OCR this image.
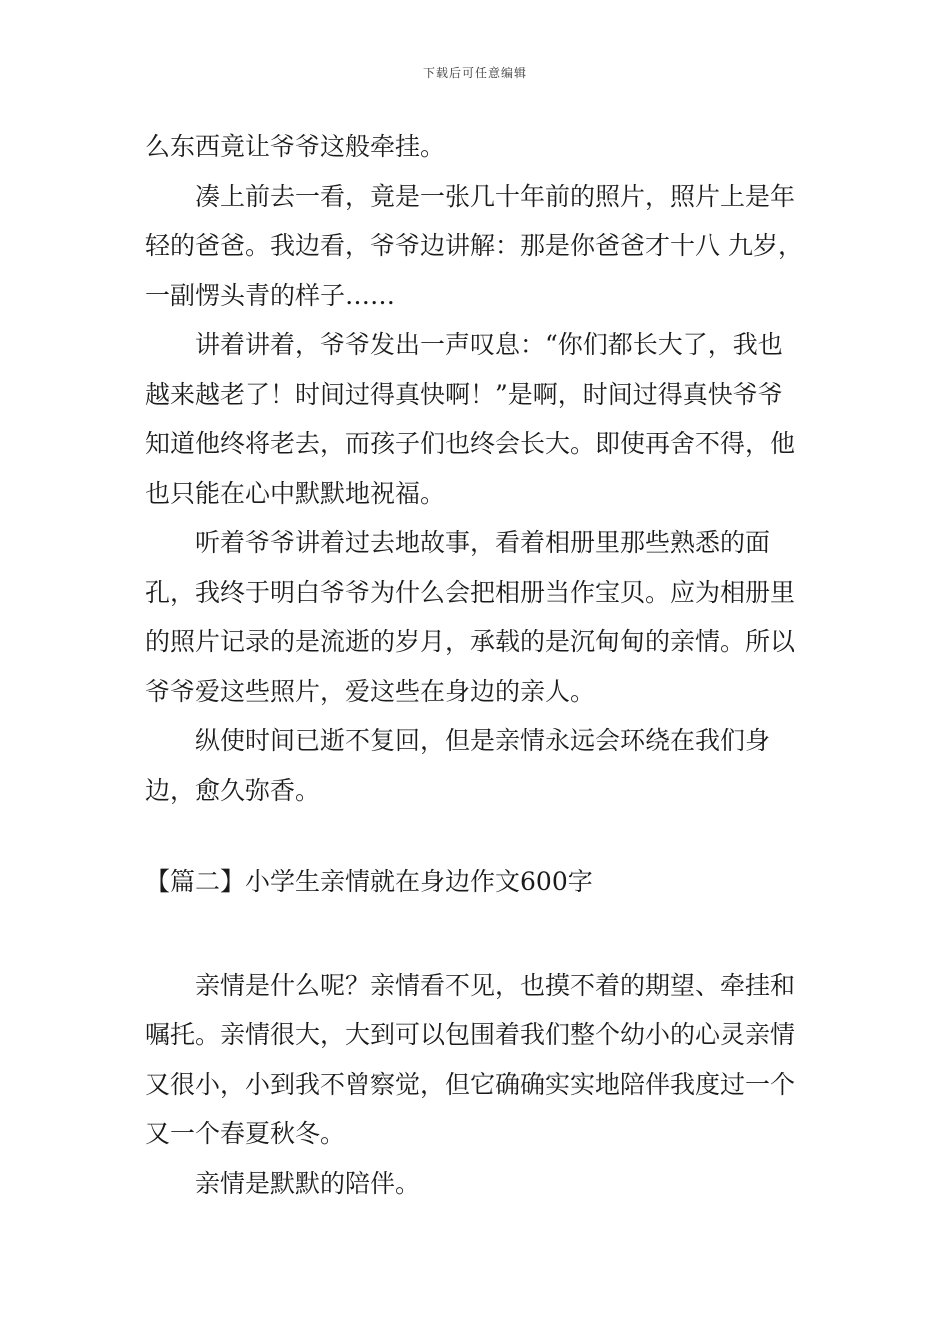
下载后可任意编辑

么东西竟让爷爷这般牵挂。

凑上前去一看，竟是一张几十年前的照片，照片上是年轻的爸爸。我边看，爷爷边讲解：那是你爸爸才十八 九岁，一副愣头青的样子……

讲着讲着，爷爷发出一声叹息：“你们都长大了，我也越来越老了！时间过得真快啊！”是啊，时间过得真快爷爷知道他终将老去，而孩子们也终会长大。即使再舍不得，他也只能在心中默默地祝福。

听着爷爷讲着过去地故事，看着相册里那些熟悉的面孔，我终于明白爷爷为什么会把相册当作宝贝。应为相册里的照片记录的是流逝的岁月，承载的是沉甸甸的亲情。所以爷爷爱这些照片，爱这些在身边的亲人。

纵使时间已逝不复回，但是亲情永远会环绕在我们身边，愈久弥香。

【篇二】小学生亲情就在身边作文600字

亲情是什么呢？亲情看不见，也摸不着的期望、牵挂和嘱托。亲情很大，大到可以包围着我们整个幼小的心灵亲情又很小，小到我不曾察觉，但它确确实实地陪伴我度过一个又一个春夏秋冬。

亲情是默默的陪伴。
